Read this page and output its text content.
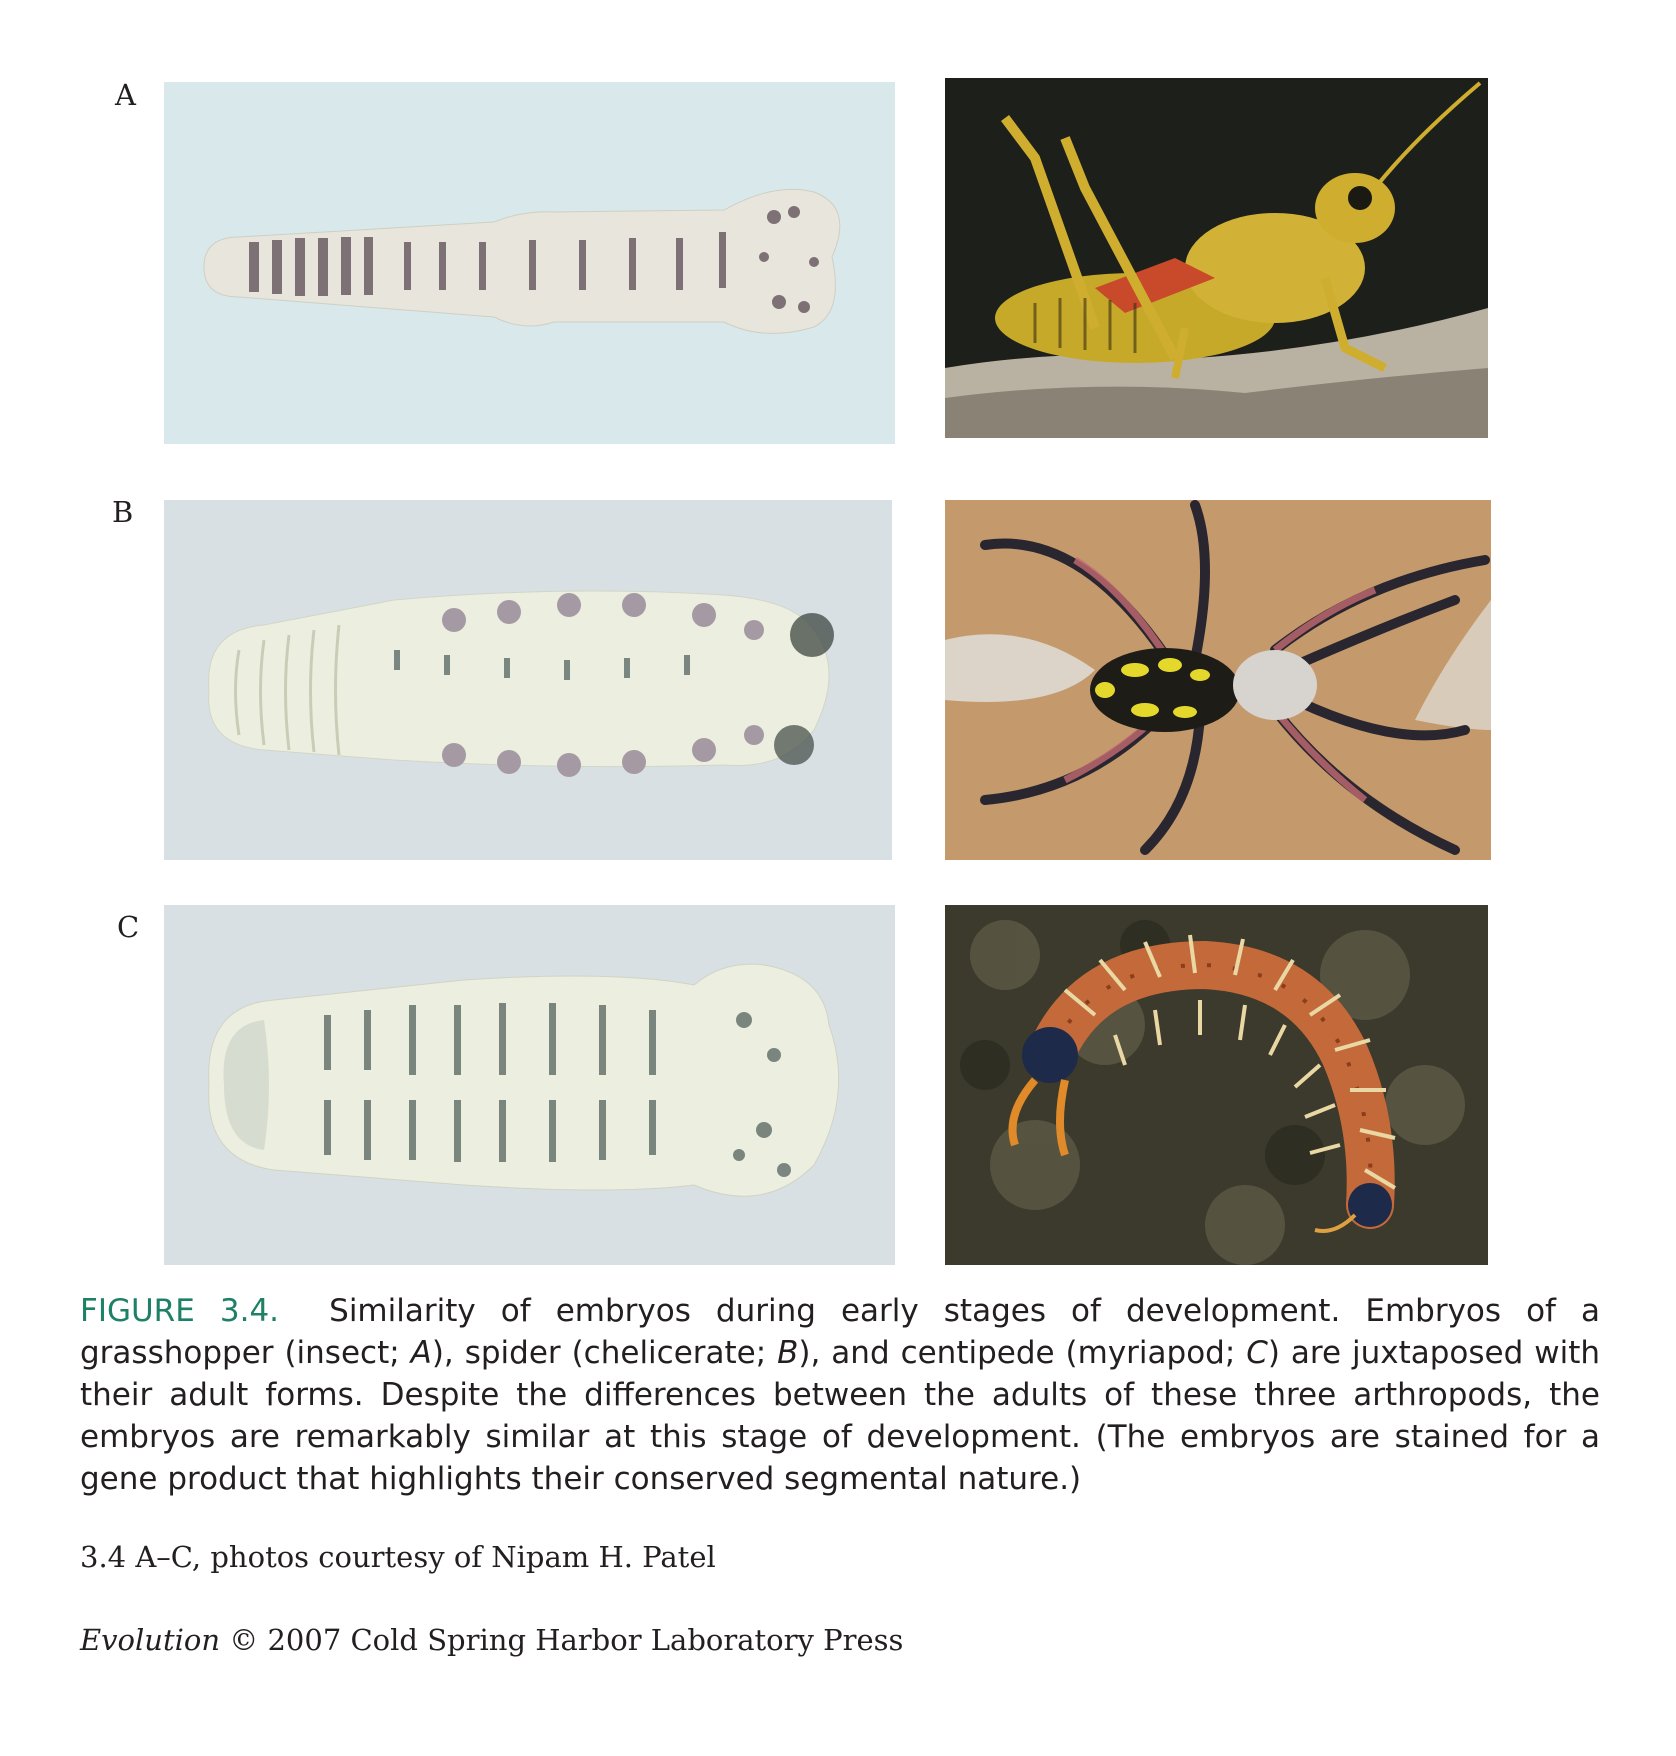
A
B
C

FIGURE 3.4. Similarity of embryos during early stages of development. Embryos of a grasshopper (insect; A), spider (chelicerate; B), and centipede (myriapod; C) are juxtaposed with their adult forms. Despite the differences between the adults of these three arthropods, the embryos are remarkably similar at this stage of development. (The embryos are stained for a gene product that highlights their conserved segmental nature.)

3.4 A–C, photos courtesy of Nipam H. Patel

Evolution © 2007 Cold Spring Harbor Laboratory Press
